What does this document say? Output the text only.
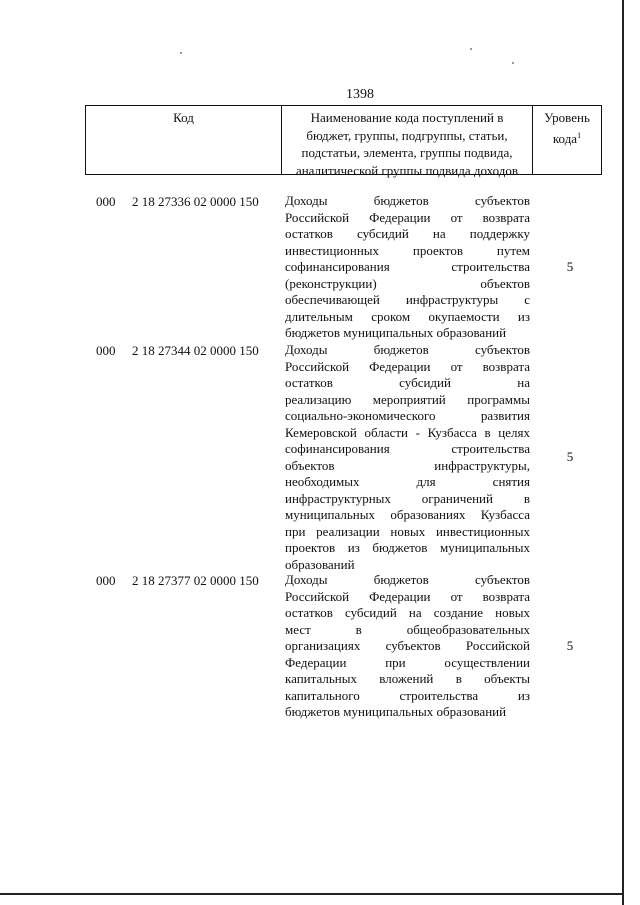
1398
Код	Наименование кода поступлений в
бюджет, группы, подгруппы, статьи,
подстатьи, элемента, группы подвида,
аналитической группы подвида доходов
Уровень
кода$^1$
000 2 18 27336 02 0000 150 Доходы бюджетов субъектов
Российской Федерации от возврата
остатков субсидий на поддержку
инвестиционных проектов путем
софинансирования строительства
(реконструкции) объектов
обеспечивающей инфраструктуры с
длительным сроком окупаемости из
бюджетов муниципальных образований
5
000 2 18 27344 02 0000 150 Доходы бюджетов субъектов
Российской Федерации от возврата
остатков субсидий на
реализацию мероприятий программы
социально-экономического развития
Кемеровской области - Кузбасса в целях
софинансирования строительства
объектов инфраструктуры,
необходимых для снятия
инфраструктурных ограничений в
муниципальных образованиях Кузбасса
при реализации новых инвестиционных
проектов из бюджетов муниципальных
образований
5
000 2 18 27377 02 0000 150 Доходы бюджетов субъектов
Российской Федерации от возврата
остатков субсидий на создание новых
мест в общеобразовательных
организациях субъектов Российской
Федерации при осуществлении
капитальных вложений в объекты
капитального строительства из
бюджетов муниципальных образований
5
